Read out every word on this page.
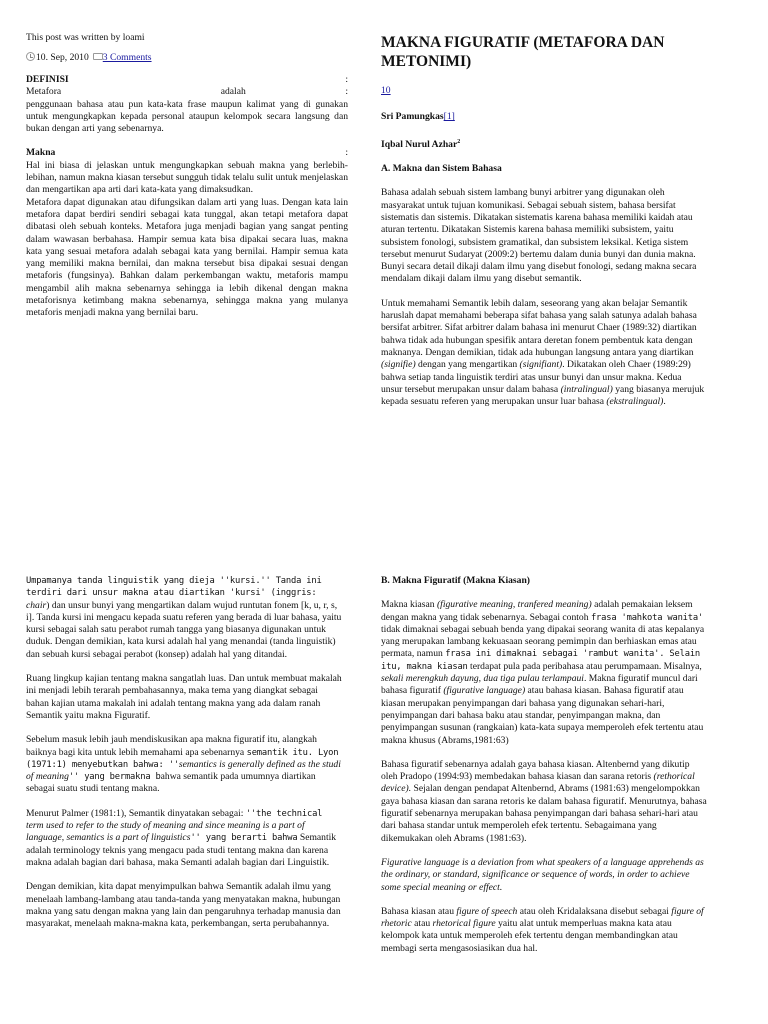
This post was written by loami

10. Sep, 2010 3 Comments
DEFINISI	:
Metafora	adalah	:

penggunaan bahasa atau pun kata-kata frase maupun kalimat yang di gunakan untuk mengungkapkan kepada personal ataupun kelompok secara langsung dan bukan dengan arti yang sebenarnya.

Makna	:

Hal ini biasa di jelaskan untuk mengungkapkan sebuah makna yang berlebih-lebihan, namun makna kiasan tersebut sungguh tidak telalu sulit untuk menjelaskan dan mengartikan apa arti dari kata-kata yang dimaksudkan.

Metafora dapat digunakan atau difungsikan dalam arti yang luas. Dengan kata lain metafora dapat berdiri sendiri sebagai kata tunggal, akan tetapi metafora dapat dibatasi oleh sebuah konteks. Metafora juga menjadi bagian yang sangat penting dalam wawasan berbahasa. Hampir semua kata bisa dipakai secara luas, makna kata yang sesuai metafora adalah sebagai kata yang bernilai. Hampir semua kata yang memiliki makna bernilai, dan makna tersebut bisa dipakai sesuai dengan metaforis (fungsinya). Bahkan dalam perkembangan waktu, metaforis mampu mengambil alih makna sebenarnya sehingga ia lebih dikenal dengan makna metaforisnya ketimbang makna sebenarnya, sehingga makna yang mulanya metaforis menjadi makna yang bernilai baru.

MAKNA FIGURATIF (METAFORA DAN METONIMI)

10

Sri Pamungkas[1]

Iqbal Nurul Azhar$^2$

A. Makna dan Sistem Bahasa

Bahasa adalah sebuah sistem lambang bunyi arbitrer yang digunakan oleh masyarakat untuk tujuan komunikasi. Sebagai sebuah sistem, bahasa bersifat sistematis dan sistemis. Dikatakan sistematis karena bahasa memiliki kaidah atau aturan tertentu. Dikatakan Sistemis karena bahasa memiliki subsistem, yaitu subsistem fonologi, subsistem gramatikal, dan subsistem leksikal. Ketiga sistem tersebut menurut Sudaryat (2009:2) bertemu dalam dunia bunyi dan dunia makna. Bunyi secara detail dikaji dalam ilmu yang disebut fonologi, sedang makna secara mendalam dikaji dalam ilmu yang disebut semantik.

Untuk memahami Semantik lebih dalam, seseorang yang akan belajar Semantik haruslah dapat memahami beberapa sifat bahasa yang salah satunya adalah bahasa bersifat arbitrer. Sifat arbitrer dalam bahasa ini menurut Chaer (1989:32) diartikan bahwa tidak ada hubungan spesifik antara deretan fonem pembentuk kata dengan maknanya. Dengan demikian, tidak ada hubungan langsung antara yang diartikan (signifie) dengan yang mengartikan (signifiant). Dikatakan oleh Chaer (1989:29) bahwa setiap tanda linguistik terdiri atas unsur bunyi dan unsur makna. Kedua unsur tersebut merupakan unsur dalam bahasa (intralingual) yang biasanya merujuk kepada sesuatu referen yang merupakan unsur luar bahasa (ekstralingual).

Umpamanya tanda linguistik yang dieja ''kursi.'' Tanda ini terdiri dari unsur makna atau diartikan 'kursi' (inggris: chair) dan unsur bunyi yang mengartikan dalam wujud runtutan fonem [k, u, r, s, i]. Tanda kursi ini mengacu kepada suatu referen yang berada di luar bahasa, yaitu kursi sebagai salah satu perabot rumah tangga yang biasanya digunakan untuk duduk. Dengan demikian, kata kursi adalah hal yang menandai (tanda linguistik) dan sebuah kursi sebagai perabot (konsep) adalah hal yang ditandai.

Ruang lingkup kajian tentang makna sangatlah luas. Dan untuk membuat makalah ini menjadi lebih terarah pembahasannya, maka tema yang diangkat sebagai bahan kajian utama makalah ini adalah tentang makna yang ada dalam ranah Semantik yaitu makna Figuratif.

Sebelum masuk lebih jauh mendiskusikan apa makna figuratif itu, alangkah baiknya bagi kita untuk lebih memahami apa sebenarnya semantik itu. Lyon (1971:1) menyebutkan bahwa: ''semantics is generally defined as the studi of meaning'' yang bermakna bahwa semantik pada umumnya diartikan sebagai suatu studi tentang makna.

Menurut Palmer (1981:1), Semantik dinyatakan sebagai: ''the technical term used to refer to the study of meaning and since meaning is a part of language, semantics is a part of linguistics'' yang berarti bahwa Semantik adalah terminology teknis yang mengacu pada studi tentang makna dan karena makna adalah bagian dari bahasa, maka Semanti adalah bagian dari Linguistik.

Dengan demikian, kita dapat menyimpulkan bahwa Semantik adalah ilmu yang menelaah lambang-lambang atau tanda-tanda yang menyatakan makna, hubungan makna yang satu dengan makna yang lain dan pengaruhnya terhadap manusia dan masyarakat, menelaah makna-makna kata, perkembangan, serta perubahannya.

B. Makna Figuratif (Makna Kiasan)

Makna kiasan (figurative meaning, tranfered meaning) adalah pemakaian leksem dengan makna yang tidak sebenarnya. Sebagai contoh frasa 'mahkota wanita' tidak dimaknai sebagai sebuah benda yang dipakai seorang wanita di atas kepalanya yang merupakan lambang kekuasaan seorang pemimpin dan berhiaskan emas atau permata, namun frasa ini dimaknai sebagai 'rambut wanita'. Selain itu, makna kiasan terdapat pula pada peribahasa atau perumpamaan. Misalnya, sekali merengkuh dayung, dua tiga pulau terlampaui. Makna figuratif muncul dari bahasa figuratif (figurative language) atau bahasa kiasan. Bahasa figuratif atau kiasan merupakan penyimpangan dari bahasa yang digunakan sehari-hari, penyimpangan dari bahasa baku atau standar, penyimpangan makna, dan penyimpangan susunan (rangkaian) kata-kata supaya memperoleh efek tertentu atau makna khusus (Abrams,1981:63)

Bahasa figuratif sebenarnya adalah gaya bahasa kiasan. Altenbernd yang dikutip oleh Pradopo (1994:93) membedakan bahasa kiasan dan sarana retoris (rethorical device). Sejalan dengan pendapat Altenbernd, Abrams (1981:63) mengelompokkan gaya bahasa kiasan dan sarana retoris ke dalam bahasa figuratif. Menurutnya, bahasa figuratif sebenarnya merupakan bahasa penyimpangan dari bahasa sehari-hari atau dari bahasa standar untuk memperoleh efek tertentu. Sebagaimana yang dikemukakan oleh Abrams (1981:63).

Figurative language is a deviation from what speakers of a language apprehends as the ordinary, or standard, significance or sequence of words, in order to achieve some special meaning or effect.

Bahasa kiasan atau figure of speech atau oleh Kridalaksana disebut sebagai figure of rhetoric atau rhetorical figure yaitu alat untuk memperluas makna kata atau kelompok kata untuk memperoleh efek tertentu dengan membandingkan atau membagi serta mengasosiasikan dua hal.
